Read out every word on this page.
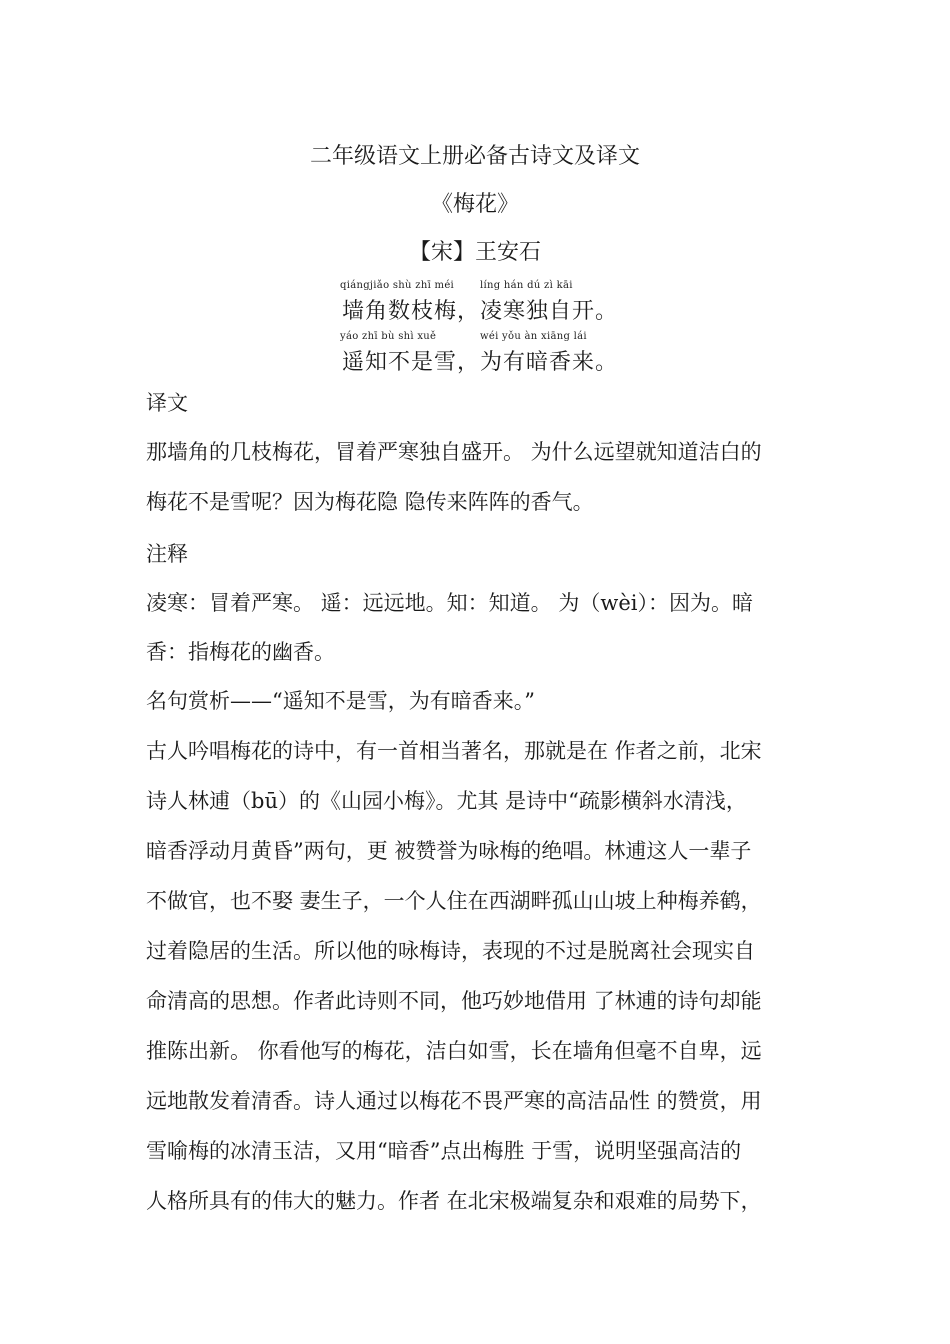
二年级语文上册必备古诗文及译文
《梅花》
【宋】王安石
qiángjiǎo shù zhī méi	líng hán dú zì kāi
墙角数枝梅，凌寒独自开。
yáo zhī bù shì xuě	wéi yǒu àn xiāng lái
遥知不是雪，为有暗香来。
译文
那墙角的几枝梅花，冒着严寒独自盛开。 为什么远望就知道洁白的
梅花不是雪呢？因为梅花隐 隐传来阵阵的香气。
注释
凌寒：冒着严寒。 遥：远远地。知：知道。 为（wèi）：因为。暗
香：指梅花的幽香。
名句赏析——“遥知不是雪，为有暗香来。”
古人吟唱梅花的诗中，有一首相当著名，那就是在 作者之前，北宋
诗人林逋（bū）的《山园小梅》。尤其 是诗中“疏影横斜水清浅，
暗香浮动月黄昏”两句，更 被赞誉为咏梅的绝唱。林逋这人一辈子
不做官，也不娶 妻生子，一个人住在西湖畔孤山山坡上种梅养鹤，
过着隐居的生活。所以他的咏梅诗，表现的不过是脱离社会现实自
命清高的思想。作者此诗则不同，他巧妙地借用 了林逋的诗句却能
推陈出新。 你看他写的梅花，洁白如雪，长在墙角但毫不自卑，远
远地散发着清香。诗人通过以梅花不畏严寒的高洁品性 的赞赏，用
雪喻梅的冰清玉洁，又用“暗香”点出梅胜 于雪，说明坚强高洁的
人格所具有的伟大的魅力。作者 在北宋极端复杂和艰难的局势下，
